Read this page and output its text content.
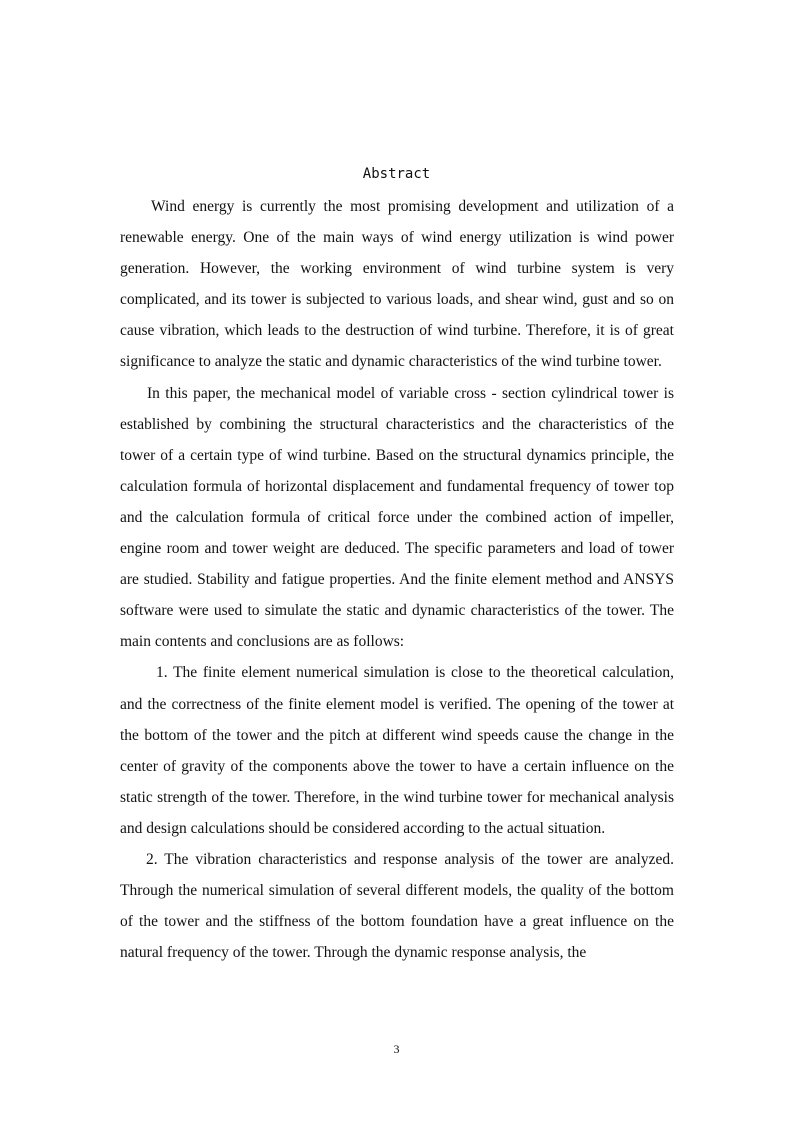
Abstract

Wind energy is currently the most promising development and utilization of a renewable energy. One of the main ways of wind energy utilization is wind power generation. However, the working environment of wind turbine system is very complicated, and its tower is subjected to various loads, and shear wind, gust and so on cause vibration, which leads to the destruction of wind turbine. Therefore, it is of great significance to analyze the static and dynamic characteristics of the wind turbine tower.

In this paper, the mechanical model of variable cross - section cylindrical tower is established by combining the structural characteristics and the characteristics of the tower of a certain type of wind turbine. Based on the structural dynamics principle, the calculation formula of horizontal displacement and fundamental frequency of tower top and the calculation formula of critical force under the combined action of impeller, engine room and tower weight are deduced. The specific parameters and load of tower are studied. Stability and fatigue properties. And the finite element method and ANSYS software were used to simulate the static and dynamic characteristics of the tower. The main contents and conclusions are as follows:

1. The finite element numerical simulation is close to the theoretical calculation, and the correctness of the finite element model is verified. The opening of the tower at the bottom of the tower and the pitch at different wind speeds cause the change in the center of gravity of the components above the tower to have a certain influence on the static strength of the tower. Therefore, in the wind turbine tower for mechanical analysis and design calculations should be considered according to the actual situation.

2. The vibration characteristics and response analysis of the tower are analyzed. Through the numerical simulation of several different models, the quality of the bottom of the tower and the stiffness of the bottom foundation have a great influence on the natural frequency of the tower. Through the dynamic response analysis, the

3
